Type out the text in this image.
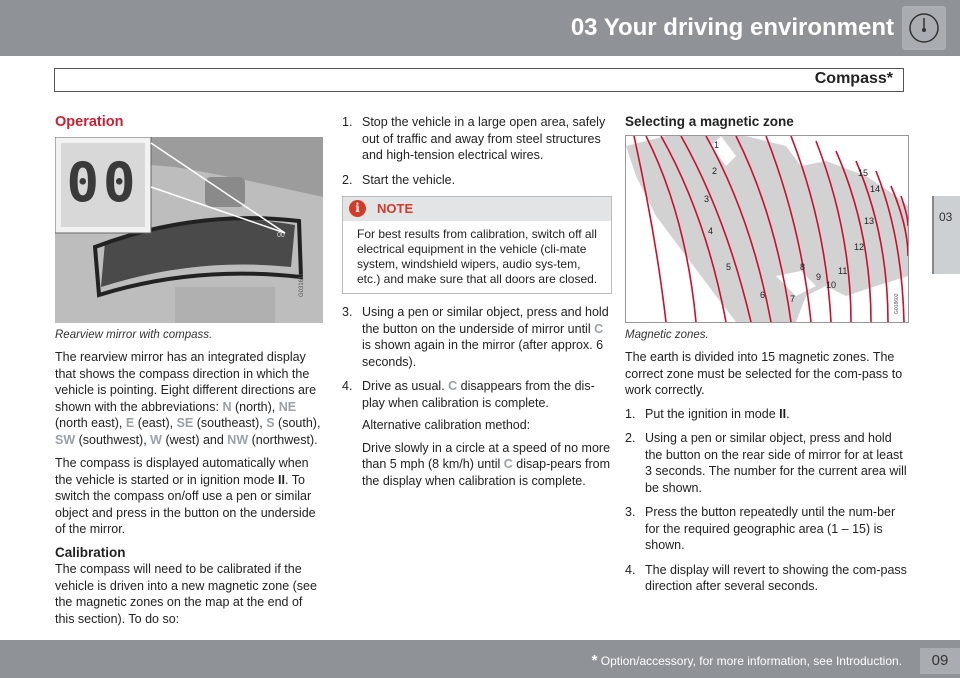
03 Your driving environment
Compass*
03
Operation
00
G031611
00
Rearview mirror with compass.

The rearview mirror has an integrated display that shows the compass direction in which the vehicle is pointing. Eight different directions are shown with the abbreviations: N (north), NE (north east), E (east), SE (southeast), S (south), SW (southwest), W (west) and NW (northwest).

The compass is displayed automatically when the vehicle is started or in ignition mode II. To switch the compass on/off use a pen or similar object and press in the button on the underside of the mirror.

Calibration

The compass will need to be calibrated if the vehicle is driven into a new magnetic zone (see the magnetic zones on the map at the end of this section). To do so:

1. Stop the vehicle in a large open area, safely out of traffic and away from steel structures and high-tension electrical wires.
2. Start the vehicle.
i	NOTE
For best results from calibration, switch off all electrical equipment in the vehicle (cli-mate system, windshield wipers, audio sys-tem, etc.) and make sure that all doors are closed.
3. Using a pen or similar object, press and hold the button on the underside of mirror until C is shown again in the mirror (after approx. 6 seconds).
4. Drive as usual. C disappears from the dis-play when calibration is complete.
Alternative calibration method:
Drive slowly in a circle at a speed of no more than 5 mph (8 km/h) until C disap-pears from the display when calibration is complete.
Selecting a magnetic zone
1
2
3
4
5
6	7
8
9
10
11
12
13
14
15
G018602
Magnetic zones.

The earth is divided into 15 magnetic zones. The correct zone must be selected for the com-pass to work correctly.

1. Put the ignition in mode II.
2. Using a pen or similar object, press and hold the button on the rear side of mirror for at least 3 seconds. The number for the current area will be shown.
3. Press the button repeatedly until the num-ber for the required geographic area (1 – 15) is shown.
4. The display will revert to showing the com-pass direction after several seconds.
* Option/accessory, for more information, see Introduction.	09
